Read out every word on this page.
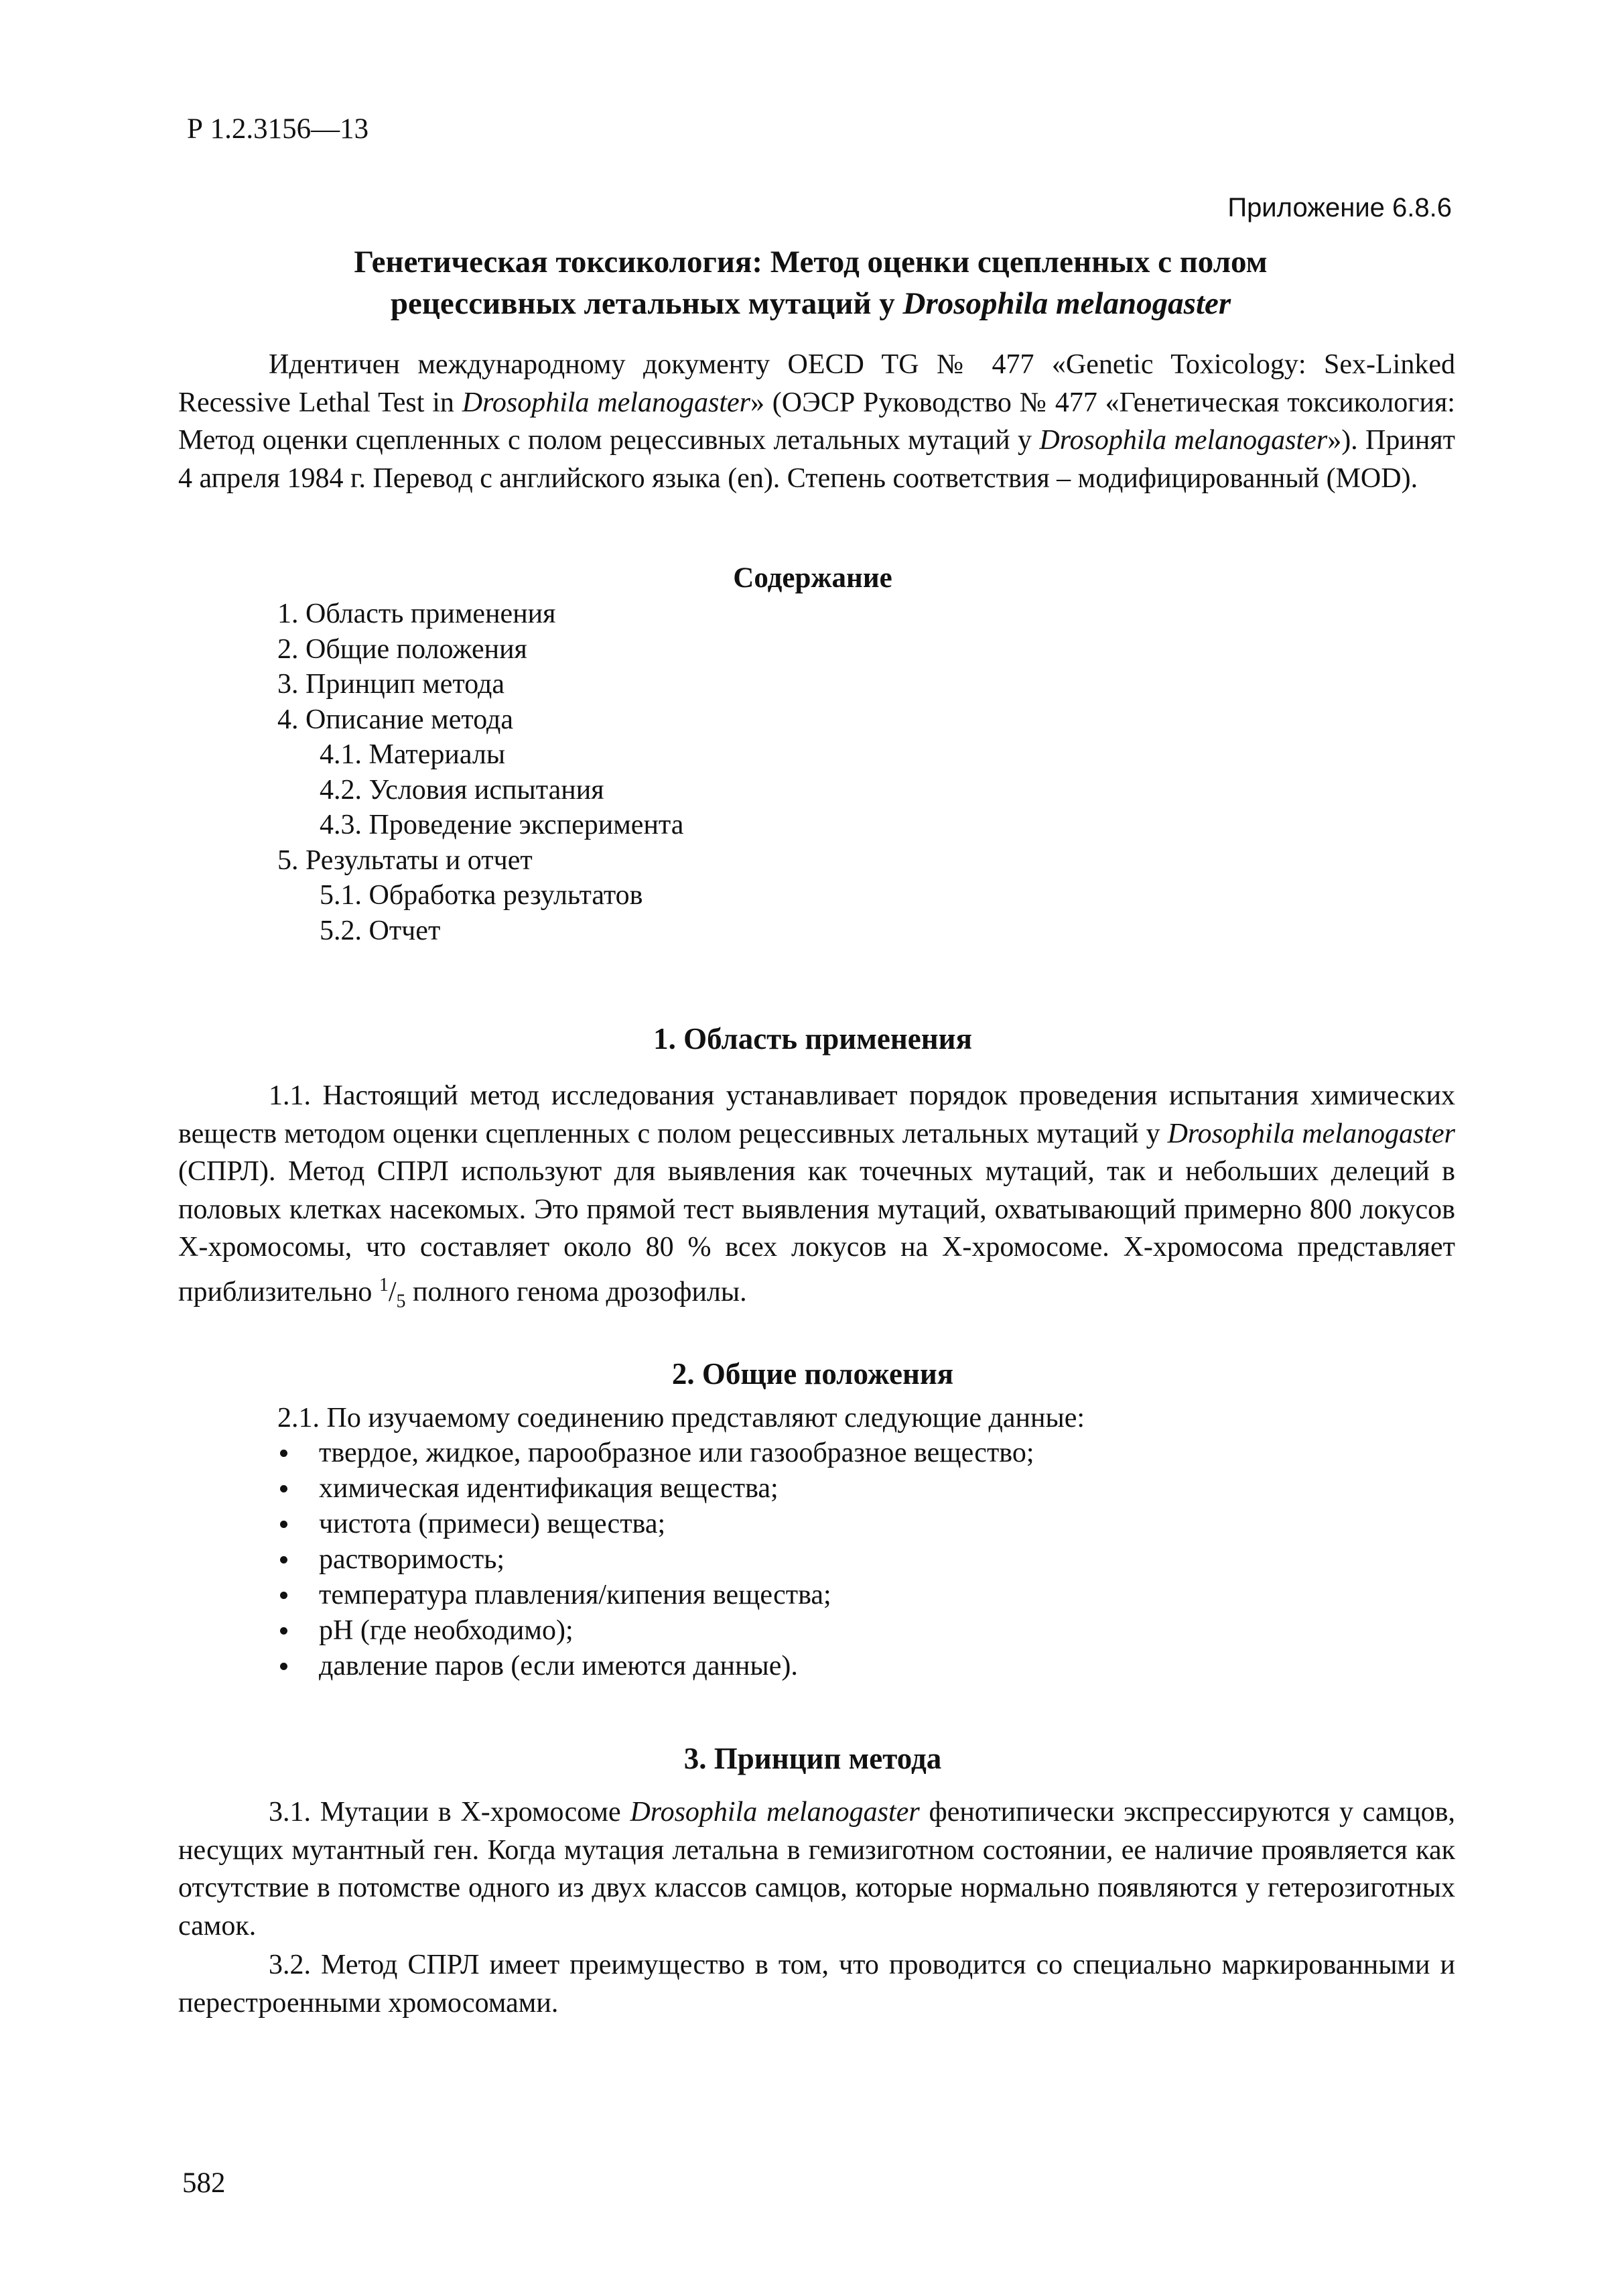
Р 1.2.3156—13
Приложение 6.8.6
Генетическая токсикология: Метод оценки сцепленных с полом
рецессивных летальных мутаций у Drosophila melanogaster
Идентичен международному документу OECD TG № 477 «Genetic Toxicology: Sex-Linked Recessive Lethal Test in Drosophila melanogaster» (ОЭСР Руководство № 477 «Генетическая токсикология: Метод оценки сцепленных с полом рецессивных летальных мутаций у Drosophila melanogaster»). Принят 4 апреля 1984 г. Перевод с английского языка (en). Степень соответствия – модифицированный (MOD).
Содержание
1. Область применения
2. Общие положения
3. Принцип метода
4. Описание метода
4.1. Материалы
4.2. Условия испытания
4.3. Проведение эксперимента
5. Результаты и отчет
5.1. Обработка результатов
5.2. Отчет
1. Область применения
1.1. Настоящий метод исследования устанавливает порядок проведения испытания химических веществ методом оценки сцепленных с полом рецессивных летальных мутаций у Drosophila melanogaster (СПРЛ). Метод СПРЛ используют для выявления как точечных мутаций, так и небольших делеций в половых клетках насекомых. Это прямой тест выявления мутаций, охватывающий примерно 800 локусов Х-хромосомы, что составляет около 80 % всех локусов на Х-хромосоме. Х-хромосома представляет приблизительно $^1/_5$ полного генома дрозофилы.
2. Общие положения
2.1. По изучаемому соединению представляют следующие данные:
твердое, жидкое, парообразное или газообразное вещество;
химическая идентификация вещества;
чистота (примеси) вещества;
растворимость;
температура плавления/кипения вещества;
pH (где необходимо);
давление паров (если имеются данные).
3. Принцип метода
3.1. Мутации в Х-хромосоме Drosophila melanogaster фенотипически экспрессируются у самцов, несущих мутантный ген. Когда мутация летальна в гемизиготном состоянии, ее наличие проявляется как отсутствие в потомстве одного из двух классов самцов, которые нормально появляются у гетерозиготных самок.
3.2. Метод СПРЛ имеет преимущество в том, что проводится со специально маркированными и перестроенными хромосомами.
582
